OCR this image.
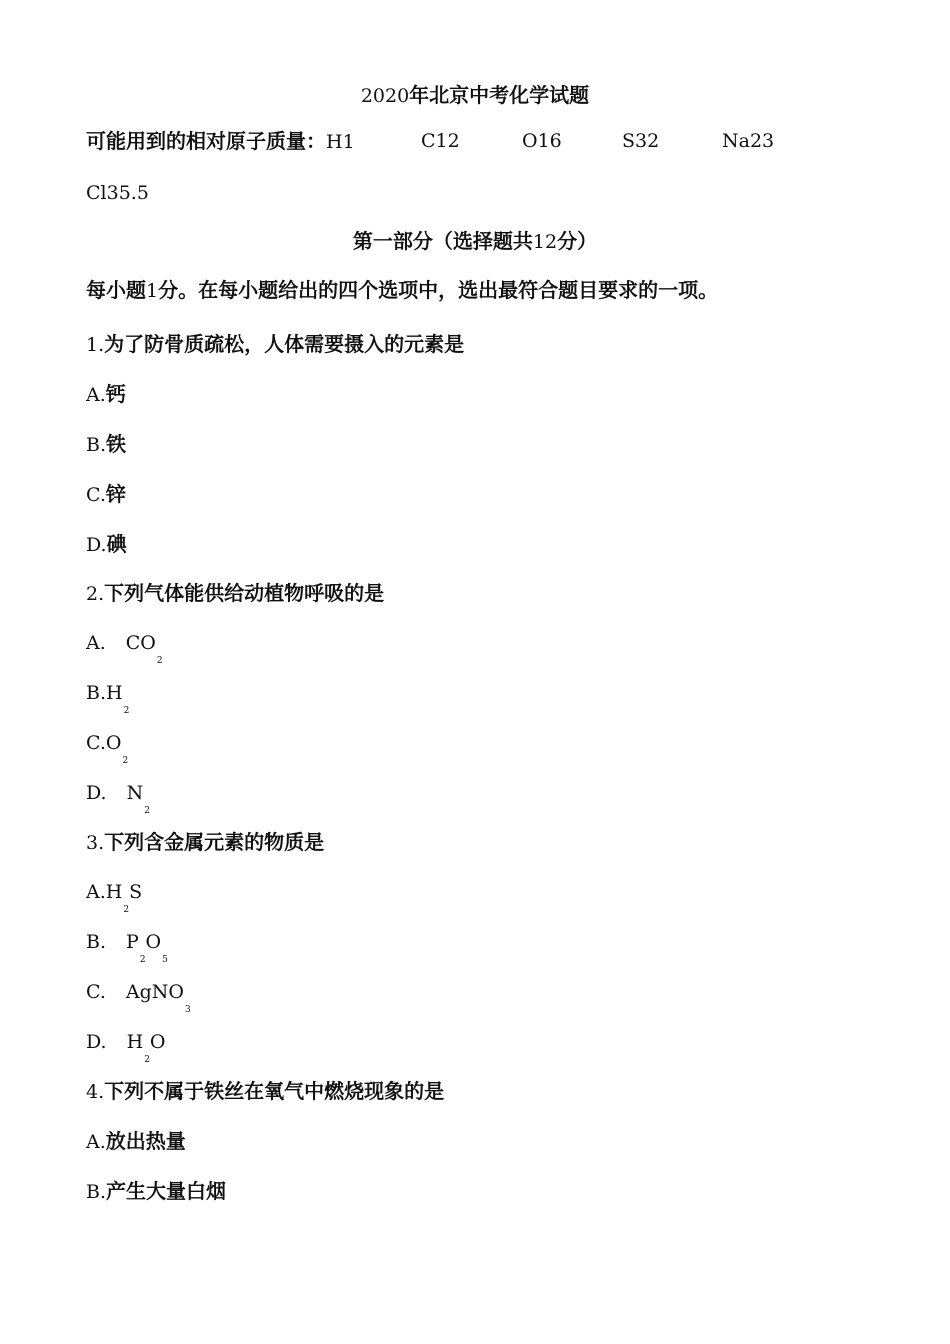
2020年北京中考化学试题
可能用到的相对原子质量：H1	C12	O16	S32	Na23
Cl35.5
第一部分（选择题共12分）
每小题1分。在每小题给出的四个选项中，选出最符合题目要求的一项。
1.为了防骨质疏松，人体需要摄入的元素是
A.钙
B.铁
C.锌
D.碘
2.下列气体能供给动植物呼吸的是
A. $CO_2$
$B.H_2$
$C.O_2$
D. $N_2$
3.下列含金属元素的物质是
$A.H_2S$
B. $P_2O_5$
C. AgNO$_3$
D. $H_2O$
4.下列不属于铁丝在氧气中燃烧现象的是
A.放出热量
B.产生大量白烟
